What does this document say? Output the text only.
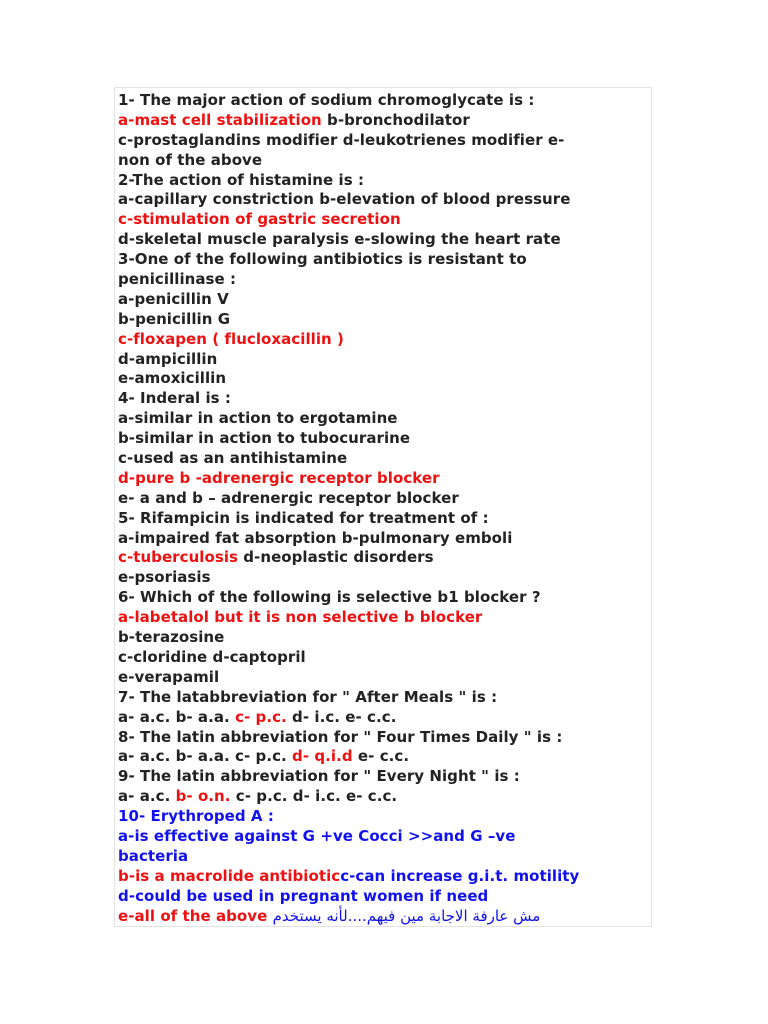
1- The major action of sodium chromoglycate is :
a-mast cell stabilization b-bronchodilator
c-prostaglandins modifier d-leukotrienes modifier e-
non of the above
2-The action of histamine is :
a-capillary constriction b-elevation of blood pressure
c-stimulation of gastric secretion
d-skeletal muscle paralysis e-slowing the heart rate
3-One of the following antibiotics is resistant to
penicillinase :
a-penicillin V
b-penicillin G
c-floxapen ( flucloxacillin )
d-ampicillin
e-amoxicillin
4- Inderal is :
a-similar in action to ergotamine
b-similar in action to tubocurarine
c-used as an antihistamine
d-pure b -adrenergic receptor blocker
e- a and b – adrenergic receptor blocker
5- Rifampicin is indicated for treatment of :
a-impaired fat absorption b-pulmonary emboli
c-tuberculosis d-neoplastic disorders
e-psoriasis
6- Which of the following is selective b1 blocker ?
a-labetalol but it is non selective b blocker
b-terazosine
c-cloridine d-captopril
e-verapamil
7- The latabbreviation for " After Meals " is :
a- a.c. b- a.a. c- p.c. d- i.c. e- c.c.
8- The latin abbreviation for " Four Times Daily " is :
a- a.c. b- a.a. c- p.c. d- q.i.d e- c.c.
9- The latin abbreviation for " Every Night " is :
a- a.c. b- o.n. c- p.c. d- i.c. e- c.c.
10- Erythroped A :
a-is effective against G +ve Cocci >>and G –ve
bacteria
b-is a macrolide antibioticc-can increase g.i.t. motility
d-could be used in pregnant women if need
e-all of the above مش عارفة الاجابة مين فيهم....لأنه يستخدم
